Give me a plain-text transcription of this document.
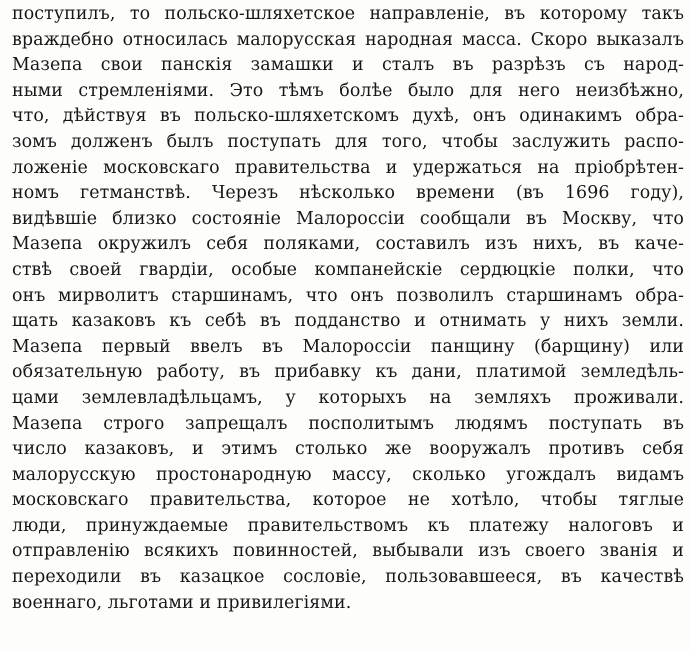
поступилъ, то польско-шляхетское направленіе, въ которому такъ
враждебно относилась малорусская народная масса. Скоро выказалъ
Мазепа свои панскія замашки и сталъ въ разрѣзъ съ народ-
ными стремленіями. Это тѣмъ болѣе было для него неизбѣжно,
что, дѣйствуя въ польско-шляхетскомъ духѣ, онъ одинакимъ обра-
зомъ долженъ былъ поступать для того, чтобы заслужить распо-
ложеніе московскаго правительства и удержаться на пріобрѣтен-
номъ гетманствѣ. Черезъ нѣсколько времени (въ 1696 году),
видѣвшіе близко состояніе Малороссіи сообщали въ Москву, что
Мазепа окружилъ себя поляками, составилъ изъ нихъ, въ каче-
ствѣ своей гвардіи, особые компанейскіе сердюцкіе полки, что
онъ мирволитъ старшинамъ, что онъ позволилъ старшинамъ обра-
щать казаковъ къ себѣ въ подданство и отнимать у нихъ земли.
Мазепа первый ввелъ въ Малороссіи панщину (барщину) или
обязательную работу, въ прибавку къ дани, платимой земледѣль-
цами землевладѣльцамъ, у которыхъ на земляхъ проживали.
Мазепа строго запрещалъ посполитымъ людямъ поступать въ
число казаковъ, и этимъ столько же вооружалъ противъ себя
малорусскую простонародную массу, сколько угождалъ видамъ
московскаго правительства, которое не хотѣло, чтобы тяглые
люди, принуждаемые правительствомъ къ платежу налоговъ и
отправленію всякихъ повинностей, выбывали изъ своего званія и
переходили въ казацкое сословіе, пользовавшееся, въ качествѣ
военнаго, льготами и привилегіями.
